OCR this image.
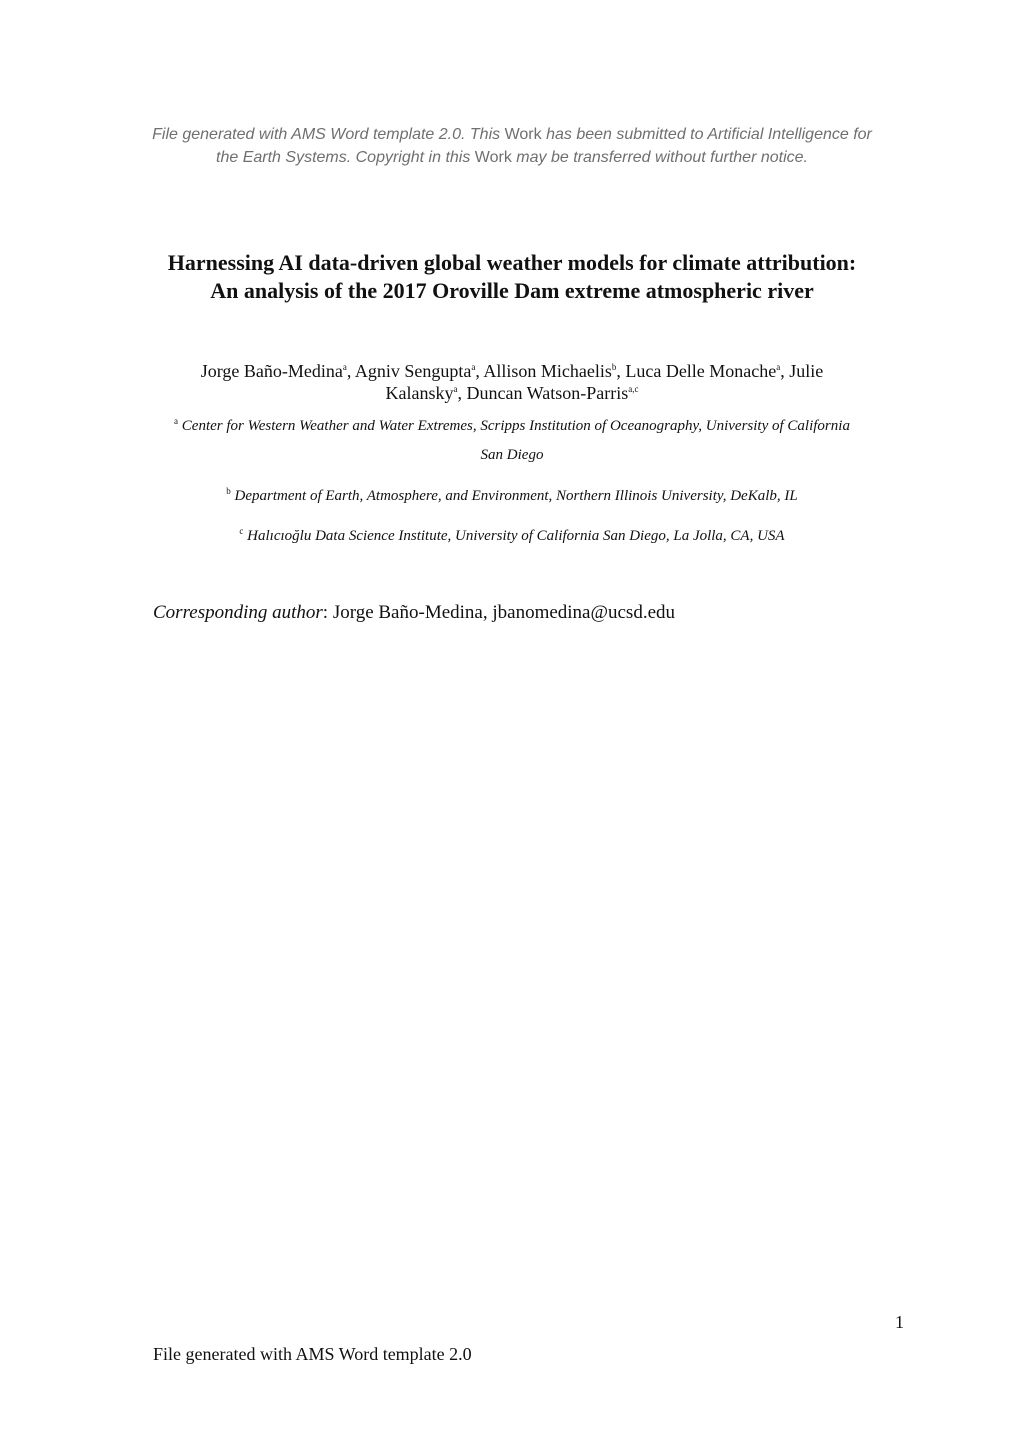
File generated with AMS Word template 2.0. This Work has been submitted to Artificial Intelligence for
the Earth Systems. Copyright in this Work may be transferred without further notice.
Harnessing AI data-driven global weather models for climate attribution:
An analysis of the 2017 Oroville Dam extreme atmospheric river
Jorge Baño-Medina$^a$, Agniv Sengupta$^a$, Allison Michaelis$^b$, Luca Delle Monache$^a$, Julie
Kalansky$^a$, Duncan Watson-Parris$^{a,c}$
$^a$ Center for Western Weather and Water Extremes, Scripps Institution of Oceanography, University of California
San Diego
$^b$ Department of Earth, Atmosphere, and Environment, Northern Illinois University, DeKalb, IL
$^c$ Halıcıoğlu Data Science Institute, University of California San Diego, La Jolla, CA, USA
Corresponding author: Jorge Baño-Medina, jbanomedina@ucsd.edu
1
File generated with AMS Word template 2.0
